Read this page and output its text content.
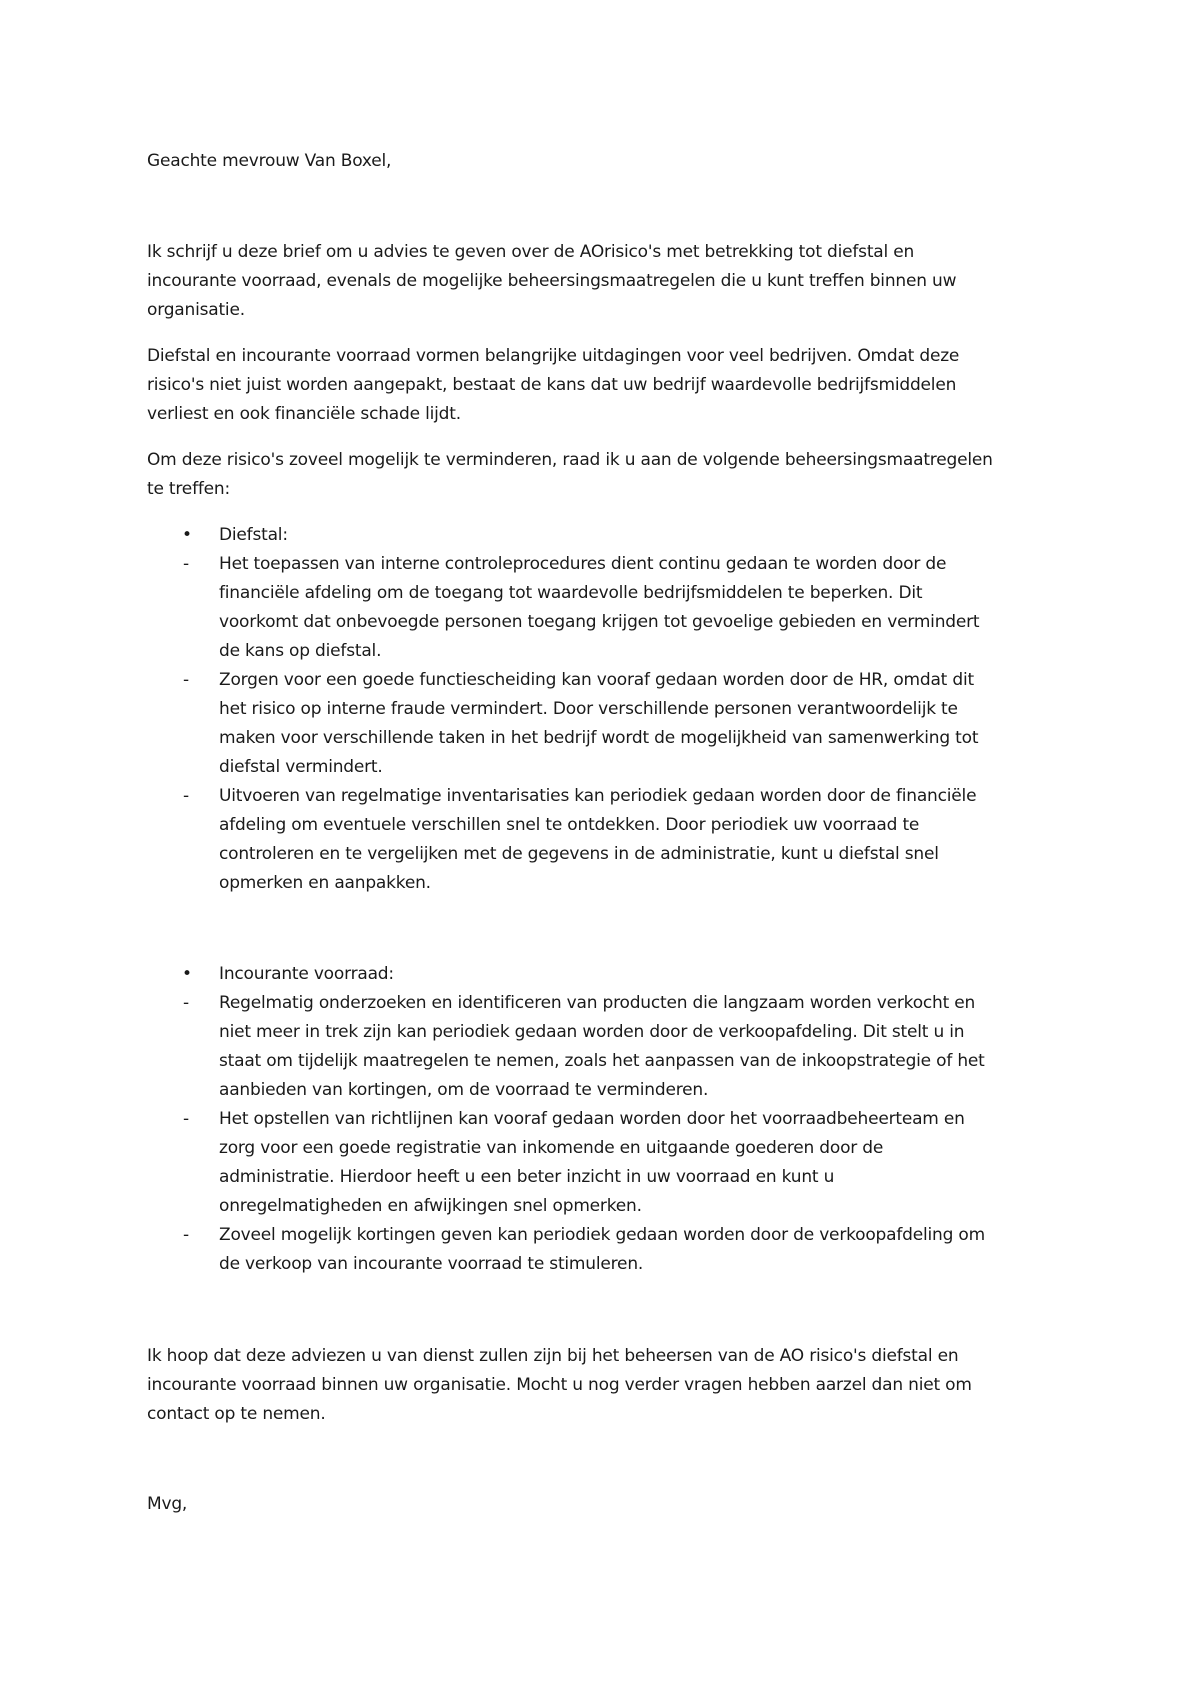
Geachte mevrouw Van Boxel,
Ik schrijf u deze brief om u advies te geven over de AOrisico's met betrekking tot diefstal en
incourante voorraad, evenals de mogelijke beheersingsmaatregelen die u kunt treffen binnen uw
organisatie.
Diefstal en incourante voorraad vormen belangrijke uitdagingen voor veel bedrijven. Omdat deze
risico's niet juist worden aangepakt, bestaat de kans dat uw bedrijf waardevolle bedrijfsmiddelen
verliest en ook financiële schade lijdt.
Om deze risico's zoveel mogelijk te verminderen, raad ik u aan de volgende beheersingsmaatregelen
te treffen:
• Diefstal:
- Het toepassen van interne controleprocedures dient continu gedaan te worden door de
financiële afdeling om de toegang tot waardevolle bedrijfsmiddelen te beperken. Dit
voorkomt dat onbevoegde personen toegang krijgen tot gevoelige gebieden en vermindert
de kans op diefstal.
- Zorgen voor een goede functiescheiding kan vooraf gedaan worden door de HR, omdat dit
het risico op interne fraude vermindert. Door verschillende personen verantwoordelijk te
maken voor verschillende taken in het bedrijf wordt de mogelijkheid van samenwerking tot
diefstal vermindert.
- Uitvoeren van regelmatige inventarisaties kan periodiek gedaan worden door de financiële
afdeling om eventuele verschillen snel te ontdekken. Door periodiek uw voorraad te
controleren en te vergelijken met de gegevens in de administratie, kunt u diefstal snel
opmerken en aanpakken.
• Incourante voorraad:
- Regelmatig onderzoeken en identificeren van producten die langzaam worden verkocht en
niet meer in trek zijn kan periodiek gedaan worden door de verkoopafdeling. Dit stelt u in
staat om tijdelijk maatregelen te nemen, zoals het aanpassen van de inkoopstrategie of het
aanbieden van kortingen, om de voorraad te verminderen.
- Het opstellen van richtlijnen kan vooraf gedaan worden door het voorraadbeheerteam en
zorg voor een goede registratie van inkomende en uitgaande goederen door de
administratie. Hierdoor heeft u een beter inzicht in uw voorraad en kunt u
onregelmatigheden en afwijkingen snel opmerken.
- Zoveel mogelijk kortingen geven kan periodiek gedaan worden door de verkoopafdeling om
de verkoop van incourante voorraad te stimuleren.
Ik hoop dat deze adviezen u van dienst zullen zijn bij het beheersen van de AO risico's diefstal en
incourante voorraad binnen uw organisatie. Mocht u nog verder vragen hebben aarzel dan niet om
contact op te nemen.
Mvg,
